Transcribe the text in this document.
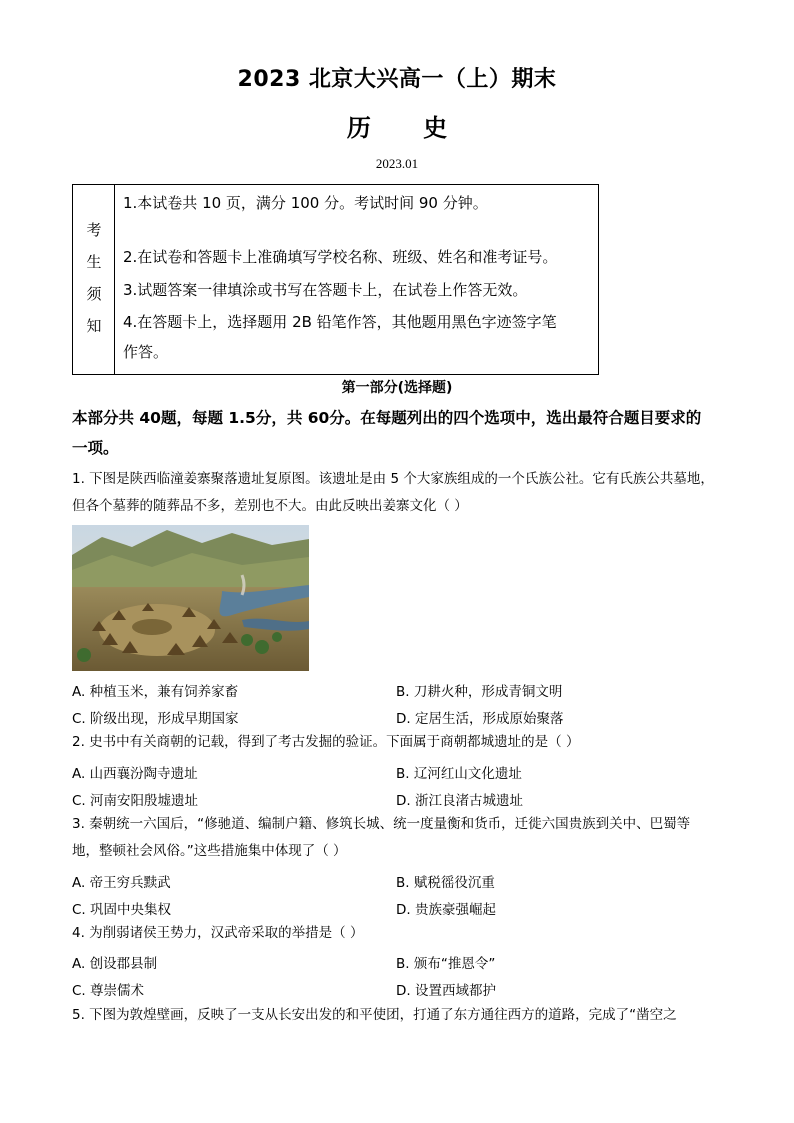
2023 北京大兴高一（上）期末
历 史
2023.01
考
生
须
知
1.本试卷共 10 页，满分 100 分。考试时间 90 分钟。
2.在试卷和答题卡上准确填写学校名称、班级、姓名和准考证号。
3.试题答案一律填涂或书写在答题卡上，在试卷上作答无效。
4.在答题卡上，选择题用 2B 铅笔作答，其他题用黑色字迹签字笔
作答。
第一部分(选择题)
本部分共 40题，每题 1.5分，共 60分。在每题列出的四个选项中，选出最符合题目要求的
一项。
1. 下图是陕西临潼姜寨聚落遗址复原图。该遗址是由 5 个大家族组成的一个氏族公社。它有氏族公共墓地，
但各个墓葬的随葬品不多，差别也不大。由此反映出姜寨文化（ ）
A. 种植玉米，兼有饲养家畜	B. 刀耕火种，形成青铜文明
C. 阶级出现，形成早期国家	D. 定居生活，形成原始聚落
2. 史书中有关商朝的记载，得到了考古发掘的验证。下面属于商朝都城遗址的是（ ）
A. 山西襄汾陶寺遗址	B. 辽河红山文化遗址
C. 河南安阳殷墟遗址	D. 浙江良渚古城遗址
3. 秦朝统一六国后，“修驰道、编制户籍、修筑长城、统一度量衡和货币，迁徙六国贵族到关中、巴蜀等
地，整顿社会风俗。”这些措施集中体现了（ ）
A. 帝王穷兵黩武	B. 赋税徭役沉重
C. 巩固中央集权	D. 贵族豪强崛起
4. 为削弱诸侯王势力，汉武帝采取的举措是（ ）
A. 创设郡县制	B. 颁布“推恩令”
C. 尊崇儒术	D. 设置西域都护
5. 下图为敦煌壁画，反映了一支从长安出发的和平使团，打通了东方通往西方的道路，完成了“凿空之
